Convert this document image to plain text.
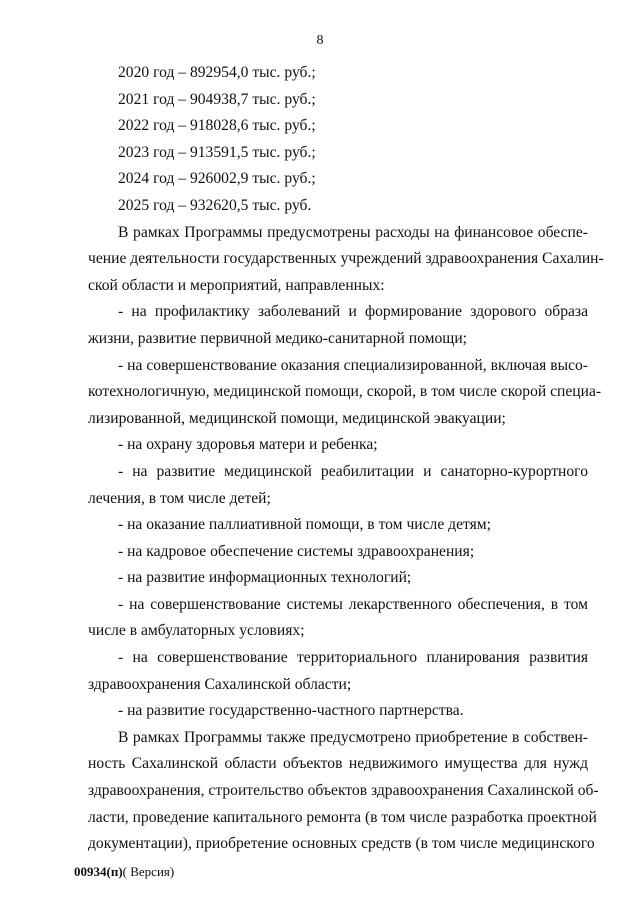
8
2020 год – 892954,0 тыс. руб.;
2021 год – 904938,7 тыс. руб.;
2022 год – 918028,6 тыс. руб.;
2023 год – 913591,5 тыс. руб.;
2024 год – 926002,9 тыс. руб.;
2025 год – 932620,5 тыс. руб.
В рамках Программы предусмотрены расходы на финансовое обеспе-
чение деятельности государственных учреждений здравоохранения Сахалин-
ской области и мероприятий, направленных:
- на профилактику заболеваний и формирование здорового образа
жизни, развитие первичной медико-санитарной помощи;
- на совершенствование оказания специализированной, включая высо-
котехнологичную, медицинской помощи, скорой, в том числе скорой специа-
лизированной, медицинской помощи, медицинской эвакуации;
- на охрану здоровья матери и ребенка;
- на развитие медицинской реабилитации и санаторно-курортного
лечения, в том числе детей;
- на оказание паллиативной помощи, в том числе детям;
- на кадровое обеспечение системы здравоохранения;
- на развитие информационных технологий;
- на совершенствование системы лекарственного обеспечения, в том
числе в амбулаторных условиях;
- на совершенствование территориального планирования развития
здравоохранения Сахалинской области;
- на развитие государственно-частного партнерства.
В рамках Программы также предусмотрено приобретение в собствен-
ность Сахалинской области объектов недвижимого имущества для нужд
здравоохранения, строительство объектов здравоохранения Сахалинской об-
ласти, проведение капитального ремонта (в том числе разработка проектной
документации), приобретение основных средств (в том числе медицинского
00934(п)( Версия)
